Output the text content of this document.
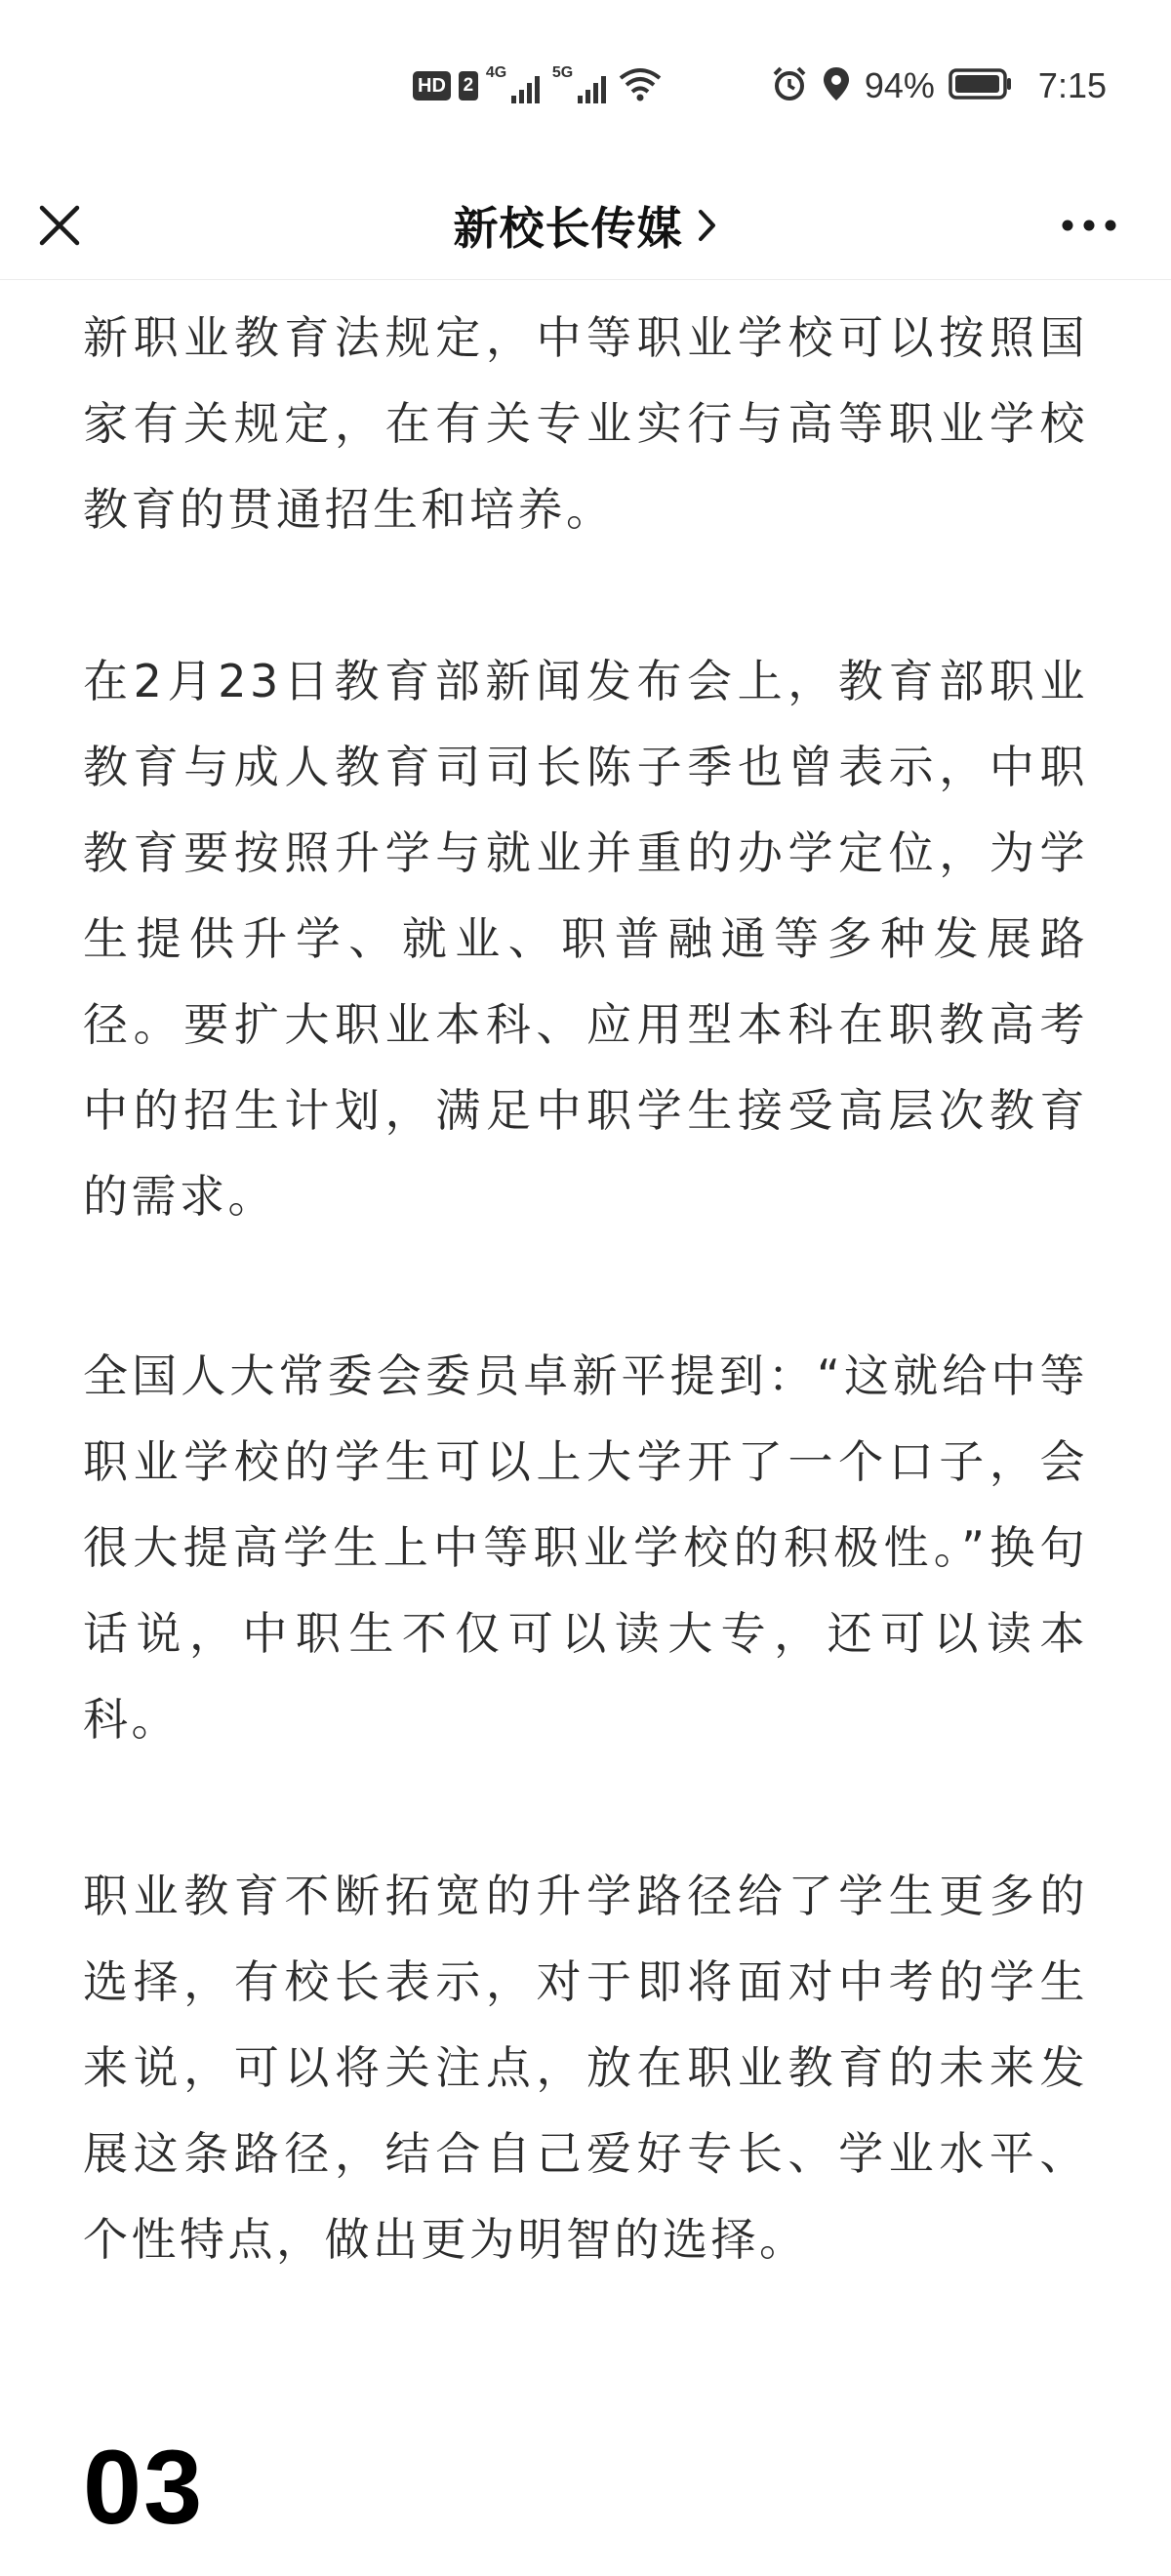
HD 2
4G	5G	94%	7:15
新校长传媒

新职业教育法规定，中等职业学校可以按照国家有关规定，在有关专业实行与高等职业学校教育的贯通招生和培养。

在2月23日教育部新闻发布会上，教育部职业教育与成人教育司司长陈子季也曾表示，中职教育要按照升学与就业并重的办学定位，为学生提供升学、就业、职普融通等多种发展路径。要扩大职业本科、应用型本科在职教高考中的招生计划，满足中职学生接受高层次教育的需求。

全国人大常委会委员卓新平提到：“这就给中等职业学校的学生可以上大学开了一个口子，会很大提高学生上中等职业学校的积极性。”换句话说，中职生不仅可以读大专，还可以读本科。

职业教育不断拓宽的升学路径给了学生更多的选择，有校长表示，对于即将面对中考的学生来说，可以将关注点，放在职业教育的未来发展这条路径，结合自己爱好专长、学业水平、个性特点，做出更为明智的选择。

03
